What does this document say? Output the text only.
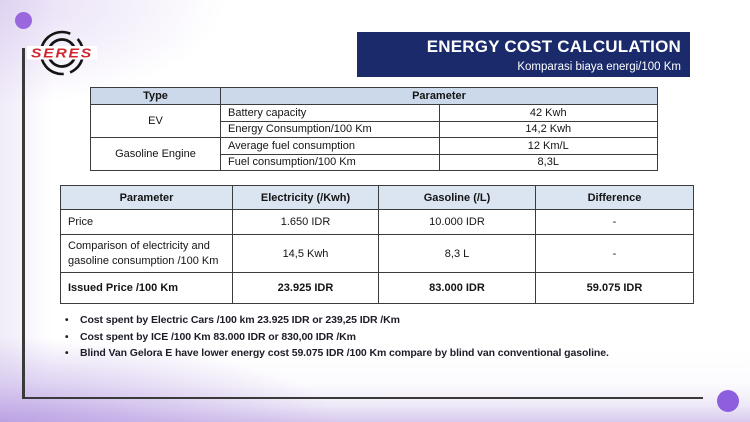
SERES	ENERGY COST CALCULATION
Komparasi biaya energi/100 Km
Type	Parameter	
EV	Battery capacity	42 Kwh
	Energy Consumption/100 Km	14,2 Kwh
Gasoline Engine	Average fuel consumption	12 Km/L
	Fuel consumption/100 Km	8,3L
Parameter	Electricity (/Kwh)	Gasoline (/L)	Difference
Price	1.650 IDR	10.000 IDR	-
Comparison of electricity and gasoline consumption /100 Km	14,5 Kwh	8,3 L	-
Issued Price /100 Km	23.925 IDR	83.000 IDR	59.075 IDR
• Cost spent by Electric Cars /100 km 23.925 IDR or 239,25 IDR /Km
• Cost spent by ICE /100 Km 83.000 IDR or 830,00 IDR /Km
• Blind Van Gelora E have lower energy cost 59.075 IDR /100 Km compare by blind van conventional gasoline.
